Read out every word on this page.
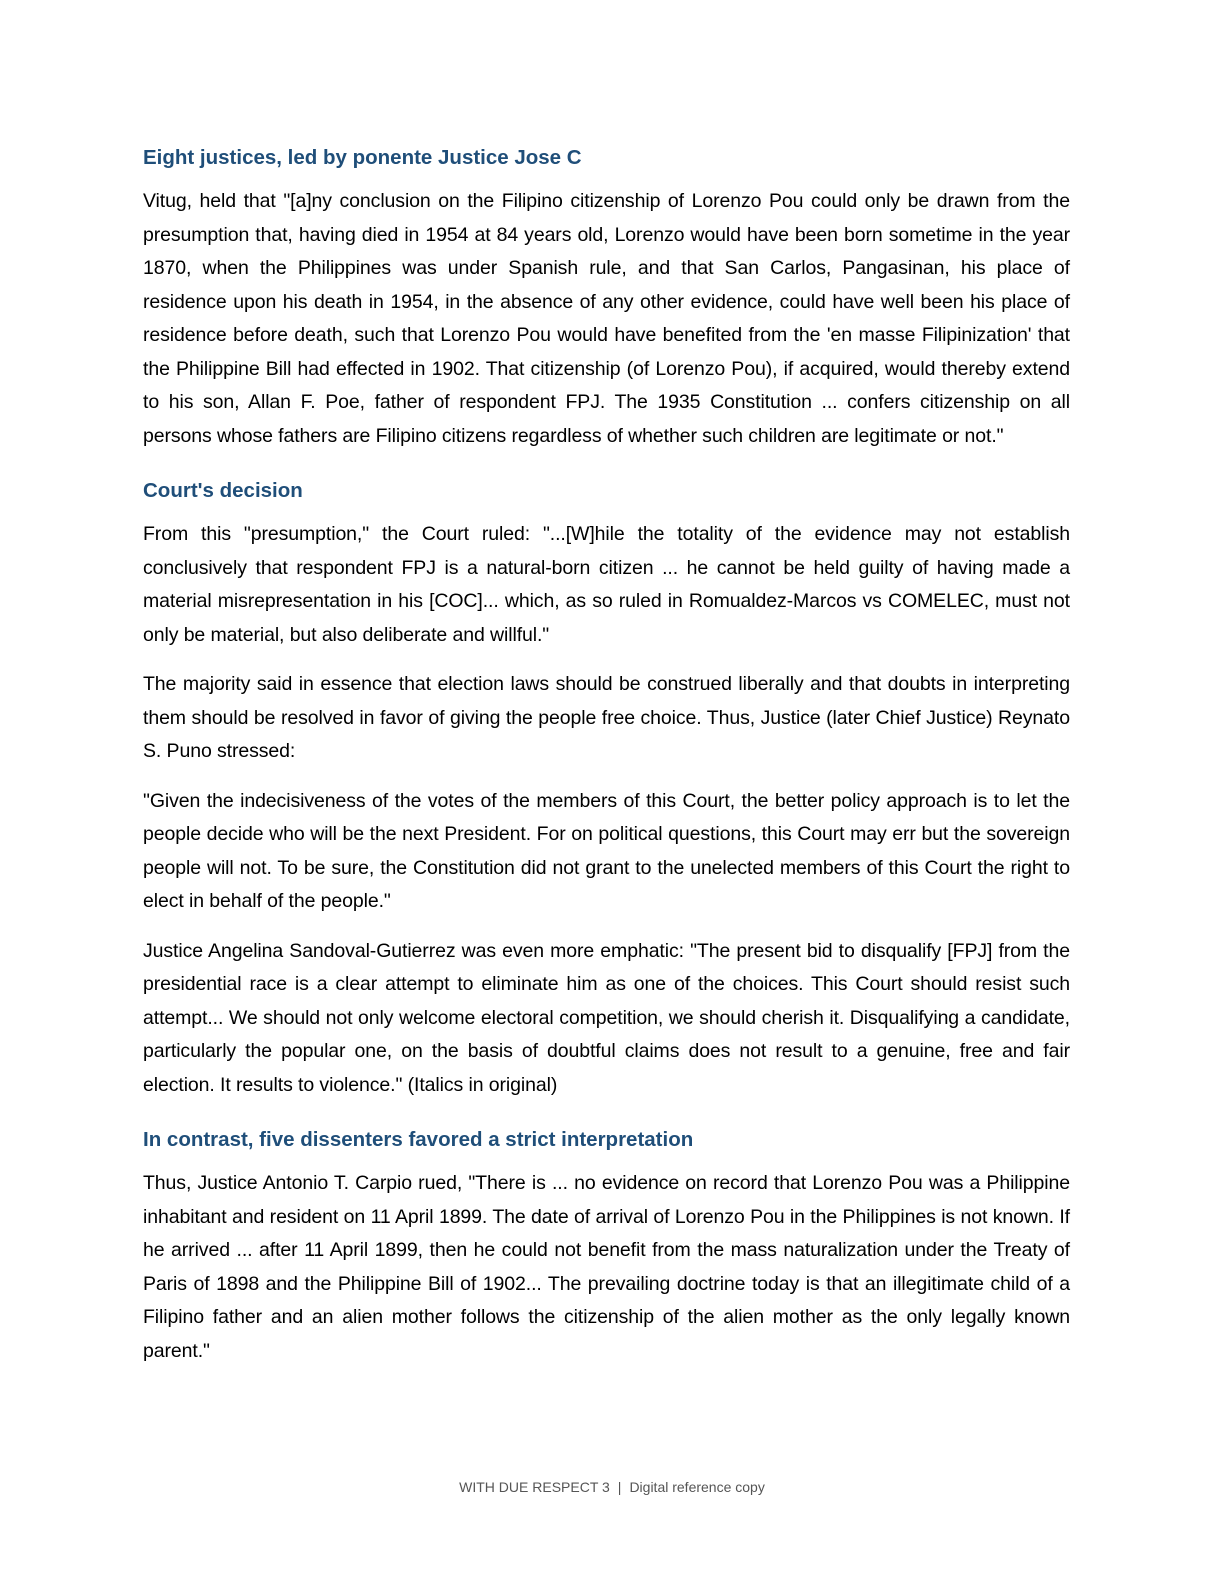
Eight justices, led by ponente Justice Jose C

Vitug, held that "[a]ny conclusion on the Filipino citizenship of Lorenzo Pou could only be drawn from the presumption that, having died in 1954 at 84 years old, Lorenzo would have been born sometime in the year 1870, when the Philippines was under Spanish rule, and that San Carlos, Pangasinan, his place of residence upon his death in 1954, in the absence of any other evidence, could have well been his place of residence before death, such that Lorenzo Pou would have benefited from the 'en masse Filipinization' that the Philippine Bill had effected in 1902. That citizenship (of Lorenzo Pou), if acquired, would thereby extend to his son, Allan F. Poe, father of respondent FPJ. The 1935 Constitution ... confers citizenship on all persons whose fathers are Filipino citizens regardless of whether such children are legitimate or not."

Court's decision

From this "presumption," the Court ruled: "...[W]hile the totality of the evidence may not establish conclusively that respondent FPJ is a natural-born citizen ... he cannot be held guilty of having made a material misrepresentation in his [COC]... which, as so ruled in Romualdez-Marcos vs COMELEC, must not only be material, but also deliberate and willful."

The majority said in essence that election laws should be construed liberally and that doubts in interpreting them should be resolved in favor of giving the people free choice. Thus, Justice (later Chief Justice) Reynato S. Puno stressed:

"Given the indecisiveness of the votes of the members of this Court, the better policy approach is to let the people decide who will be the next President. For on political questions, this Court may err but the sovereign people will not. To be sure, the Constitution did not grant to the unelected members of this Court the right to elect in behalf of the people."

Justice Angelina Sandoval-Gutierrez was even more emphatic: "The present bid to disqualify [FPJ] from the presidential race is a clear attempt to eliminate him as one of the choices. This Court should resist such attempt... We should not only welcome electoral competition, we should cherish it. Disqualifying a candidate, particularly the popular one, on the basis of doubtful claims does not result to a genuine, free and fair election. It results to violence." (Italics in original)

In contrast, five dissenters favored a strict interpretation

Thus, Justice Antonio T. Carpio rued, "There is ... no evidence on record that Lorenzo Pou was a Philippine inhabitant and resident on 11 April 1899. The date of arrival of Lorenzo Pou in the Philippines is not known. If he arrived ... after 11 April 1899, then he could not benefit from the mass naturalization under the Treaty of Paris of 1898 and the Philippine Bill of 1902... The prevailing doctrine today is that an illegitimate child of a Filipino father and an alien mother follows the citizenship of the alien mother as the only legally known parent."

WITH DUE RESPECT 3 | Digital reference copy
